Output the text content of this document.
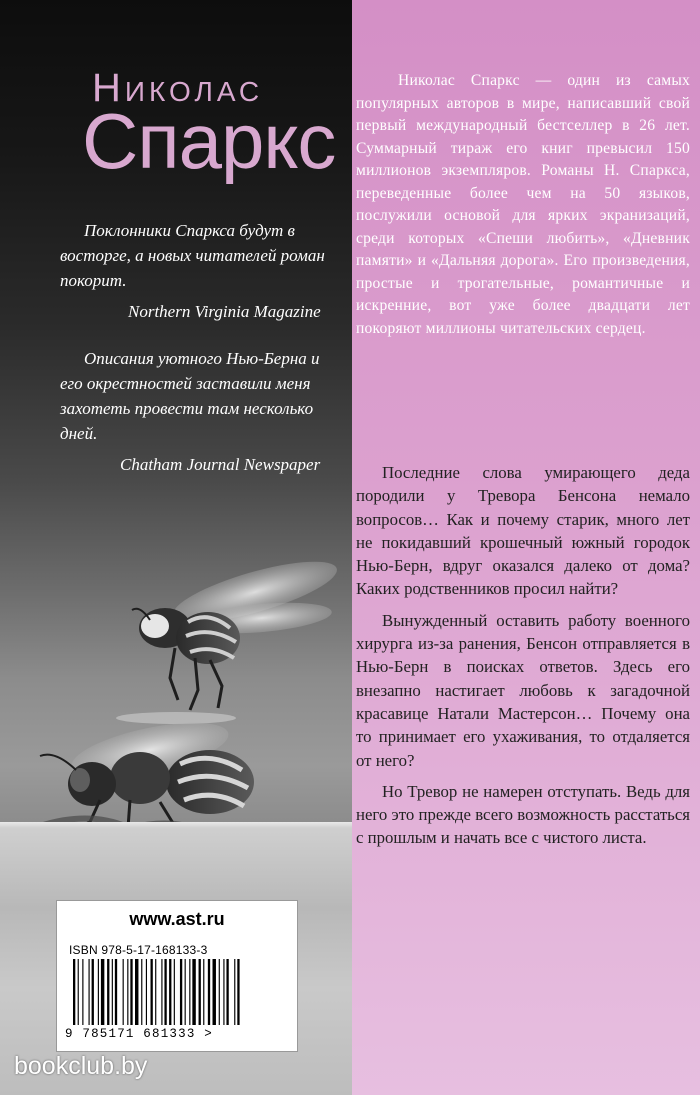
Николас
Спаркс

Поклонники Спаркса будут в восторге, а новых читателей роман покорит.

Northern Virginia Magazine

Описания уютного Нью-Берна и его окрестностей заставили меня захотеть провести там несколько дней.

Chatham Journal Newspaper
www.ast.ru
ISBN 978-5-17-168133-3
9 785171 681333 >
bookclub.by

Николас Спаркс — один из самых популярных авторов в мире, написавший свой первый международный бестселлер в 26 лет. Суммарный тираж его книг превысил 150 миллионов экземпляров. Романы Н. Спаркса, переведенные более чем на 50 языков, послужили основой для ярких экранизаций, среди которых «Спеши любить», «Дневник памяти» и «Дальняя дорога». Его произведения, простые и трогательные, романтичные и искренние, вот уже более двадцати лет покоряют миллионы читательских сердец.

Последние слова умирающего деда породили у Тревора Бенсона немало вопросов… Как и почему старик, много лет не покидавший крошечный южный городок Нью-Берн, вдруг оказался далеко от дома? Каких родственников просил найти?

Вынужденный оставить работу военного хирурга из-за ранения, Бенсон отправляется в Нью-Берн в поисках ответов. Здесь его внезапно настигает любовь к загадочной красавице Натали Мастерсон… Почему она то принимает его ухаживания, то отдаляется от него?

Но Тревор не намерен отступать. Ведь для него это прежде всего возможность расстаться с прошлым и начать все с чистого листа.
